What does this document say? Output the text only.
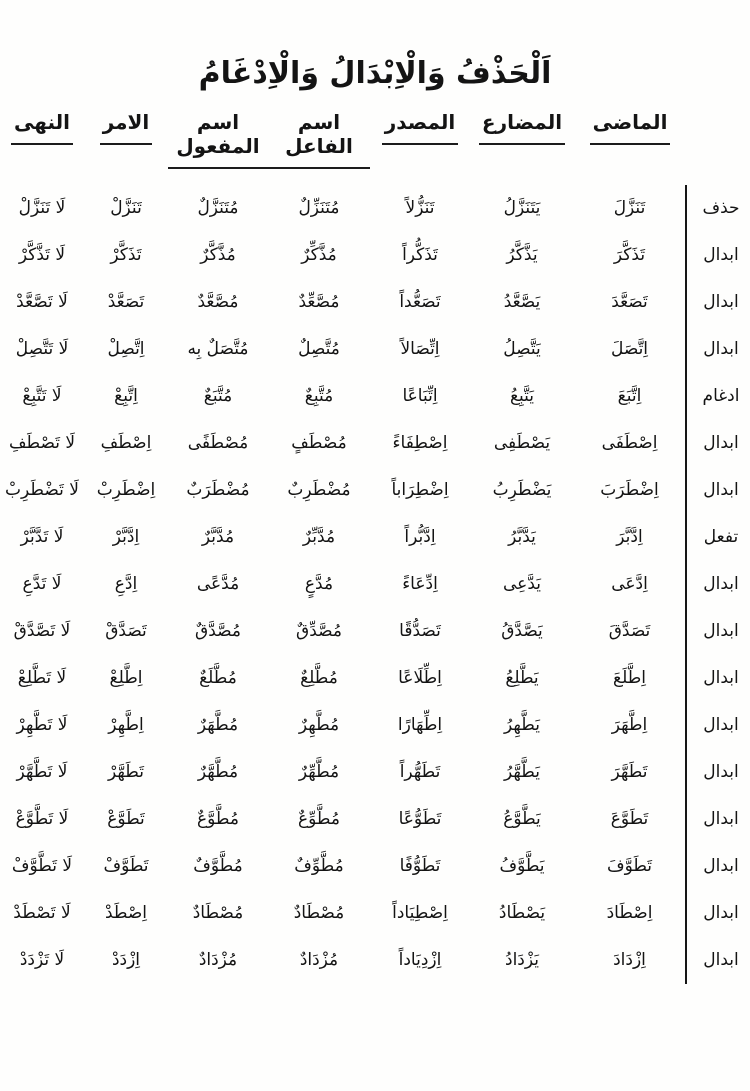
اَلْحَذْفُ وَالْاِبْدَالُ وَالْاِدْغَامُ
	الماضى	المضارع	المصدر	اسم الفاعل	اسم المفعول	الامر	النهى
حذف	تَنَزَّلَ	يَتَنَزَّلُ	تَنَزُّلاً	مُتَنَزِّلٌ	مُتَنَزَّلٌ	تَنَزَّلْ	لَا تَنَزَّلْ
ابدال	تَذَكَّرَ	يَذَّكَّرُ	تَذَكُّراً	مُذَّكِّرٌ	مُذَّكَّرٌ	تَذَكَّرْ	لَا تَذَّكَّرْ
ابدال	تَصَعَّدَ	يَصَّعَّدُ	تَصَعُّداً	مُصَّعِّدٌ	مُصَّعَّدٌ	تَصَعَّدْ	لَا تَصَّعَّدْ
ابدال	اِتَّصَلَ	يَتَّصِلُ	اِتِّصَالاً	مُتَّصِلٌ	مُتَّصَلٌ بِه	اِتَّصِلْ	لَا تَتَّصِلْ
ادغام	اِتَّبَعَ	يَتَّبِعُ	اِتِّبَاعًا	مُتَّبِعٌ	مُتَّبَعٌ	اِتَّبِعْ	لَا تَتَّبِعْ
ابدال	اِصْطَفَى	يَصْطَفِى	اِصْطِفَاءً	مُصْطَفٍ	مُصْطَفًى	اِصْطَفِ	لَا تَصْطَفِ
ابدال	اِضْطَرَبَ	يَضْطَرِبُ	اِضْطِرَاباً	مُضْطَرِبٌ	مُضْطَرَبٌ	اِضْطَرِبْ	لَا تَضْطَرِبْ
تفعل	اِدَّبَّرَ	يَدَّبَّرُ	اِدَّبُّراً	مُدَّبِّرٌ	مُدَّبَّرٌ	اِدَّبَّرْ	لَا تَدَّبَّرْ
ابدال	اِدَّعَى	يَدَّعِى	اِدِّعَاءً	مُدَّعٍ	مُدَّعًى	اِدَّعِ	لَا تَدَّعِ
ابدال	تَصَدَّقَ	يَصَّدَّقُ	تَصَدُّقًا	مُصَّدِّقٌ	مُصَّدَّقٌ	تَصَدَّقْ	لَا تَصَّدَّقْ
ابدال	اِطَّلَعَ	يَطَّلِعُ	اِطِّلَاعًا	مُطَّلِعٌ	مُطَّلَعٌ	اِطَّلِعْ	لَا تَطَّلِعْ
ابدال	اِطَّهَرَ	يَطَّهِرُ	اِطِّهَارًا	مُطَّهِرٌ	مُطَّهَرٌ	اِطَّهِرْ	لَا تَطَّهِرْ
ابدال	تَطَهَّرَ	يَطَّهَّرُ	تَطَهُّراً	مُطَّهِّرٌ	مُطَّهَّرٌ	تَطَهَّرْ	لَا تَطَّهَّرْ
ابدال	تَطَوَّعَ	يَطَّوَّعُ	تَطَوُّعًا	مُطَّوِّعٌ	مُطَّوَّعٌ	تَطَوَّعْ	لَا تَطَّوَّعْ
ابدال	تَطَوَّفَ	يَطَّوَّفُ	تَطَوُّفًا	مُطَّوِّفٌ	مُطَّوَّفٌ	تَطَوَّفْ	لَا تَطَّوَّفْ
ابدال	اِصْطَادَ	يَصْطَادُ	اِصْطِيَاداً	مُصْطَادٌ	مُصْطَادٌ	اِصْطَدْ	لَا تَصْطَدْ
ابدال	اِزْدَادَ	يَزْدَادُ	اِزْدِيَاداً	مُزْدَادٌ	مُزْدَادٌ	اِزْدَدْ	لَا تَزْدَدْ
